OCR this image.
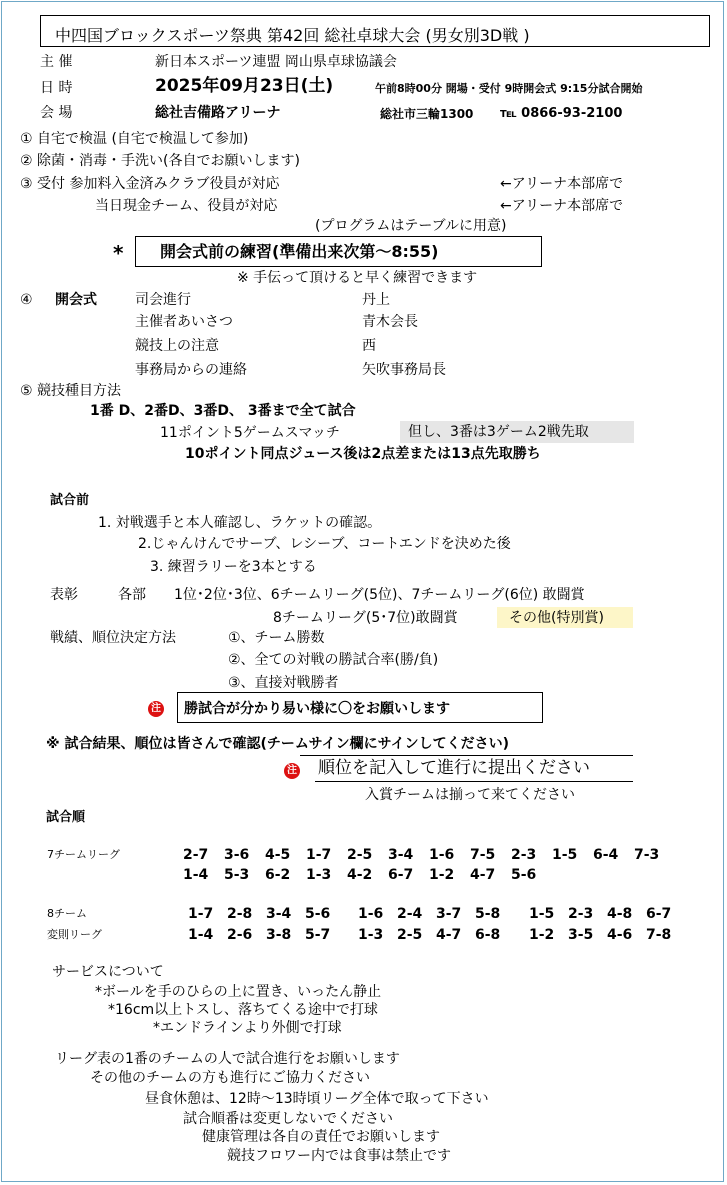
中四国ブロックスポーツ祭典 第42回 総社卓球大会 (男女別3D戦 )
主 催	新日本スポーツ連盟 岡山県卓球協議会
日 時	2025年09月23日(土)	午前8時00分 開場・受付 9時開会式 9:15分試合開始
会 場	総社吉備路アリーナ	総社市三輪1300 ℡ 0866-93-2100
① 自宅で検温 (自宅で検温して参加)
② 除菌・消毒・手洗い(各自でお願いします)
③ 受付 参加料入金済みクラブ役員が対応	←アリーナ本部席で
当日現金チーム、役員が対応	←アリーナ本部席で
(プログラムはテーブルに用意)
* 開会式前の練習(準備出来次第〜8:55)
※ 手伝って頂けると早く練習できます
④ 開会式	司会進行	丹上
主催者あいさつ	青木会長
競技上の注意	西
事務局からの連絡	矢吹事務局長
⑤ 競技種目方法
1番 D、2番D、3番D、 3番まで全て試合
11ポイント5ゲームスマッチ	但し、3番は3ゲーム2戦先取
10ポイント同点ジュース後は2点差または13点先取勝ち
試合前
1. 対戦選手と本人確認し、ラケットの確認。
2.じゃんけんでサーブ、レシーブ、コートエンドを決めた後
3. 練習ラリーを3本とする
表彰	各部 1位･2位･3位、6チームリーグ(5位)、7チームリーグ(6位) 敢闘賞
8チームリーグ(5･7位)敢闘賞	その他(特別賞)
戦績、順位決定方法	①、チーム勝数
②、全ての対戦の勝試合率(勝/負)
③、直接対戦勝者
注 勝試合が分かり易い様に〇をお願いします
※ 試合結果、順位は皆さんで確認(チームサイン欄にサインしてください)
注 順位を記入して進行に提出ください
入賞チームは揃って来てください
試合順
7チームリーグ	2-7 3-6 4-5 1-7 2-5 3-4 1-6 7-5 2-3 1-5 6-4 7-3
1-4 5-3 6-2 1-3 4-2 6-7 1-2 4-7 5-6
8チーム
変則リーグ
1-7 2-8 3-4 5-6 1-6 2-4 3-7 5-8 1-5 2-3 4-8 6-7
1-4 2-6 3-8 5-7 1-3 2-5 4-7 6-8 1-2 3-5 4-6 7-8
サービスについて
*ボールを手のひらの上に置き、いったん静止
*16cm以上トスし、落ちてくる途中で打球
*エンドラインより外側で打球
リーグ表の1番のチームの人で試合進行をお願いします
その他のチームの方も進行にご協力ください
昼食休憩は、12時〜13時頃リーグ全体で取って下さい
試合順番は変更しないでください
健康管理は各自の責任でお願いします
競技フロワー内では食事は禁止です
